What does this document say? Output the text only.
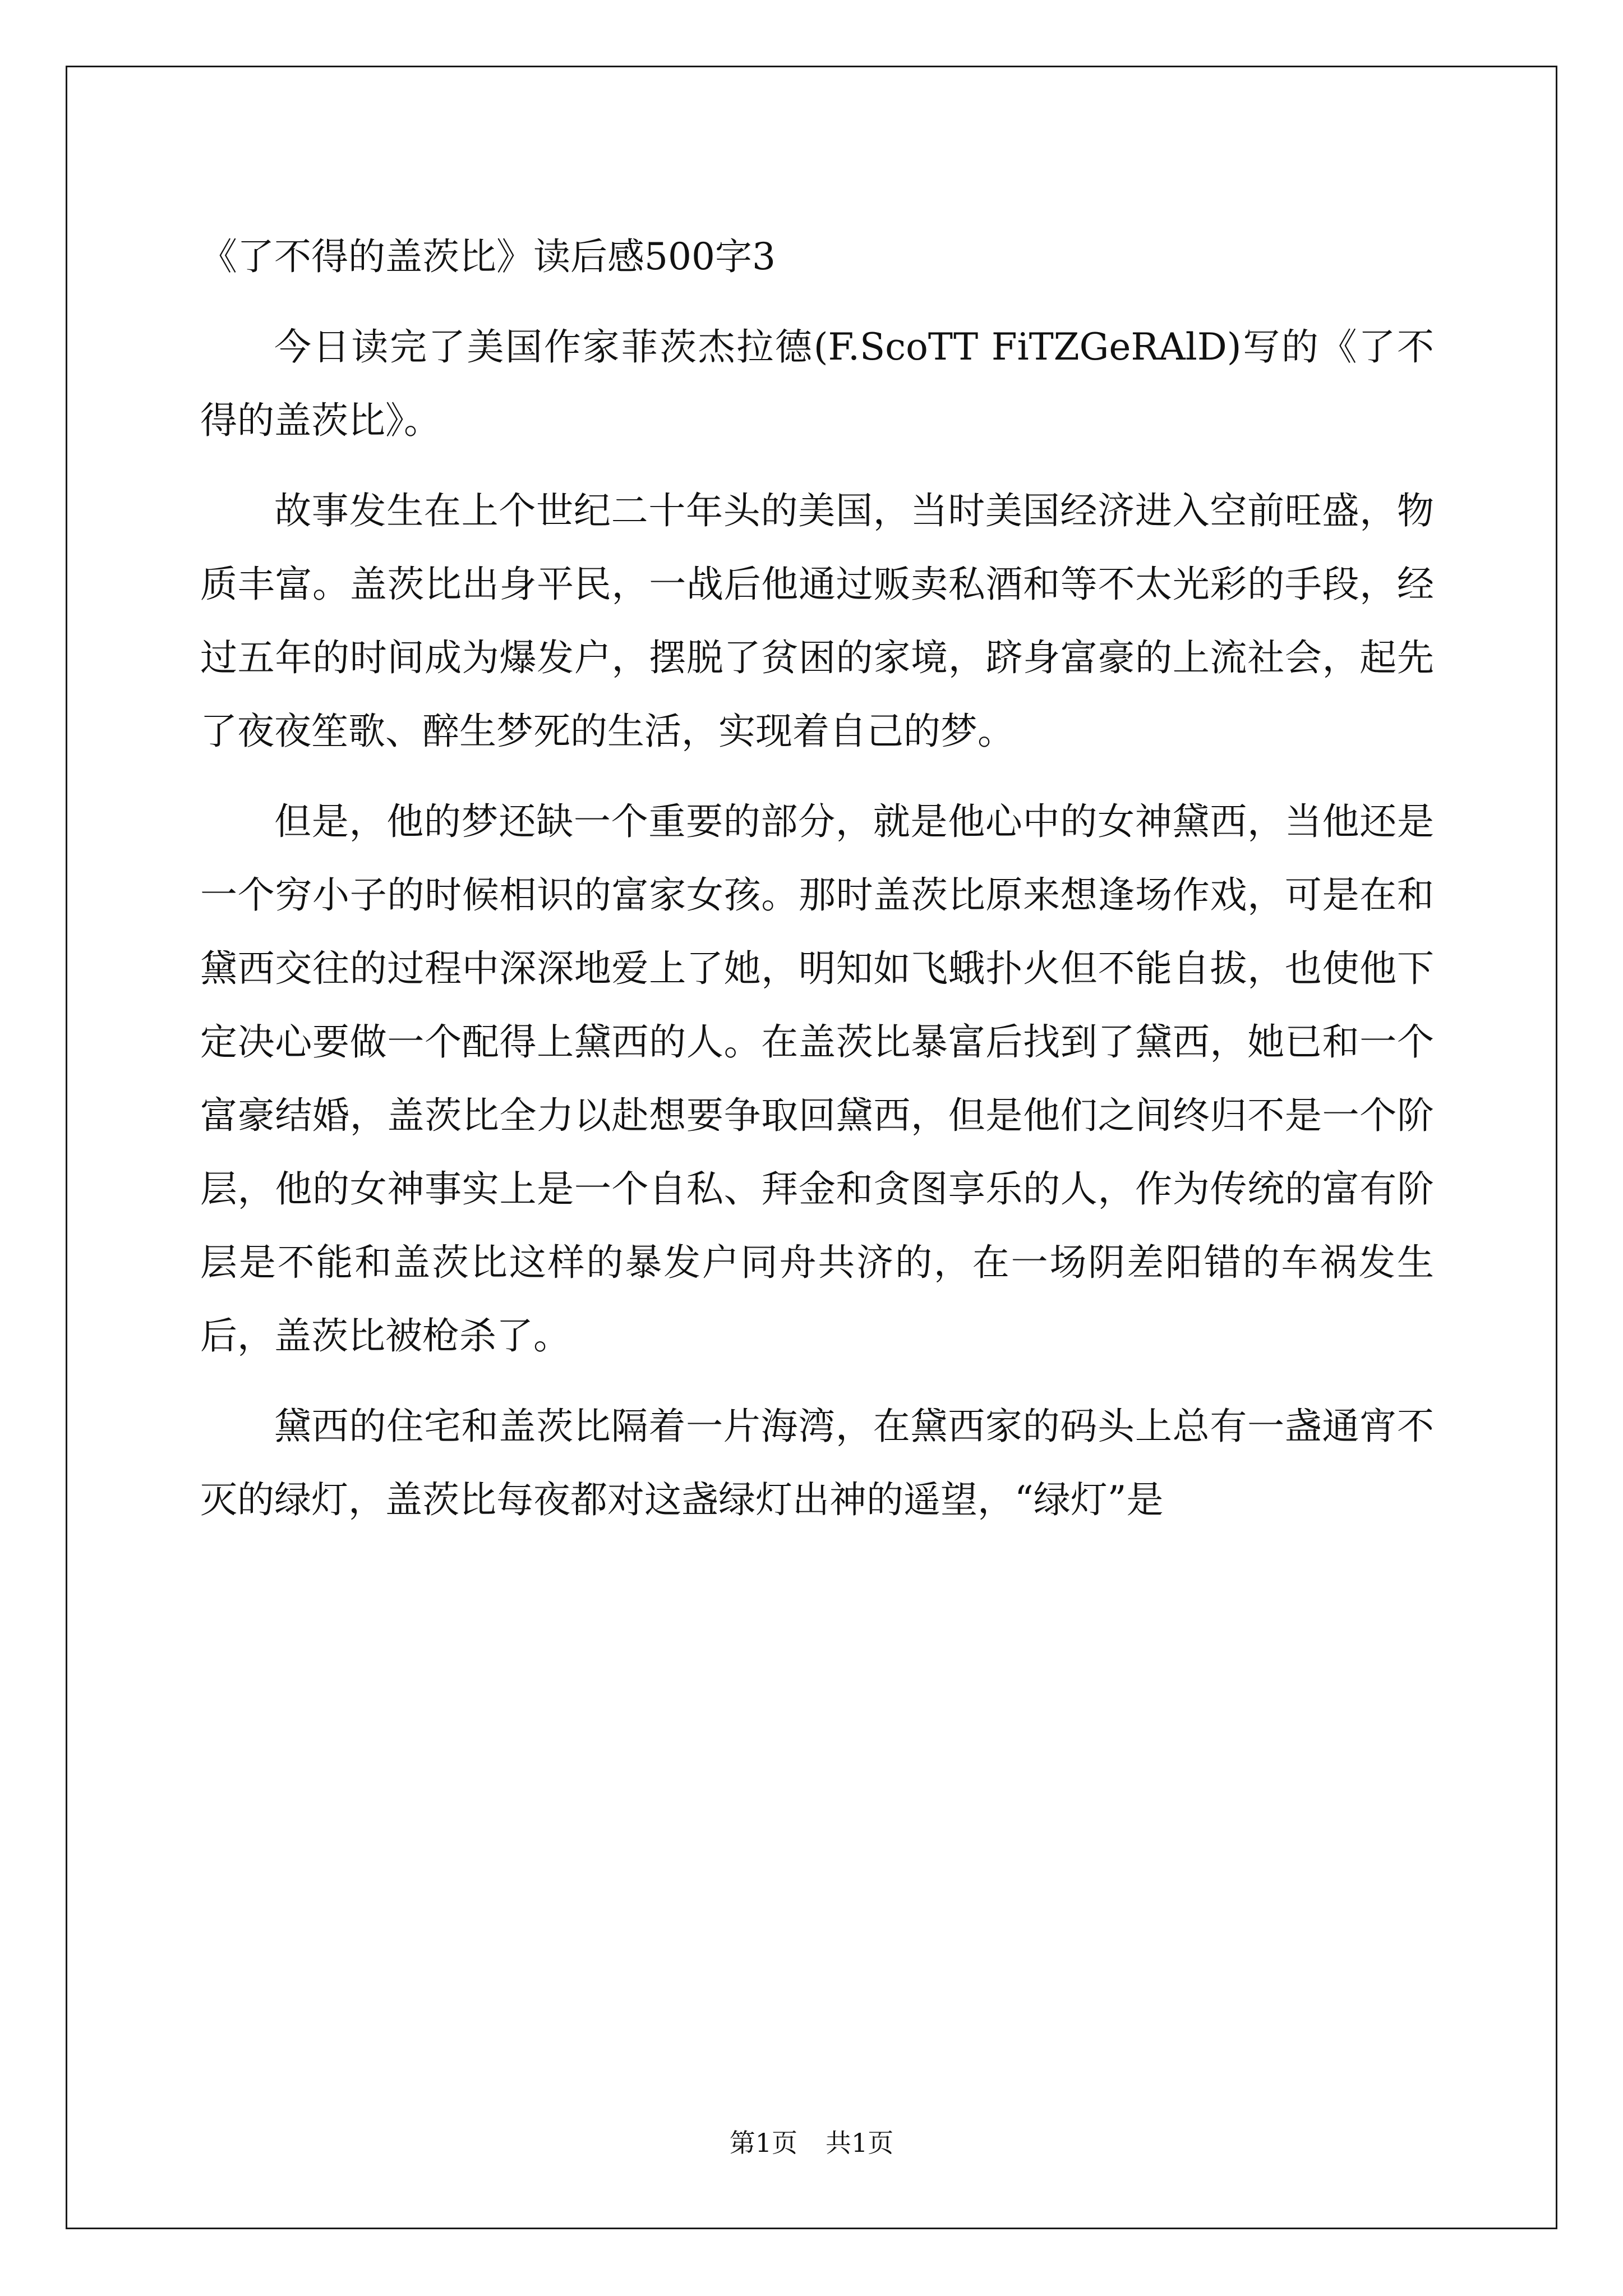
《了不得的盖茨比》读后感500字3

今日读完了美国作家菲茨杰拉德(F.ScoTT FiTZGeRAlD)写的《了不得的盖茨比》。

故事发生在上个世纪二十年头的美国，当时美国经济进入空前旺盛，物质丰富。盖茨比出身平民，一战后他通过贩卖私酒和等不太光彩的手段，经过五年的时间成为爆发户，摆脱了贫困的家境，跻身富豪的上流社会，起先了夜夜笙歌、醉生梦死的生活，实现着自己的梦。

但是，他的梦还缺一个重要的部分，就是他心中的女神黛西，当他还是一个穷小子的时候相识的富家女孩。那时盖茨比原来想逢场作戏，可是在和黛西交往的过程中深深地爱上了她，明知如飞蛾扑火但不能自拔，也使他下定决心要做一个配得上黛西的人。在盖茨比暴富后找到了黛西，她已和一个富豪结婚，盖茨比全力以赴想要争取回黛西，但是他们之间终归不是一个阶层，他的女神事实上是一个自私、拜金和贪图享乐的人，作为传统的富有阶层是不能和盖茨比这样的暴发户同舟共济的，在一场阴差阳错的车祸发生后，盖茨比被枪杀了。

黛西的住宅和盖茨比隔着一片海湾，在黛西家的码头上总有一盏通宵不灭的绿灯，盖茨比每夜都对这盏绿灯出神的遥望，“绿灯”是

第1页 共1页
